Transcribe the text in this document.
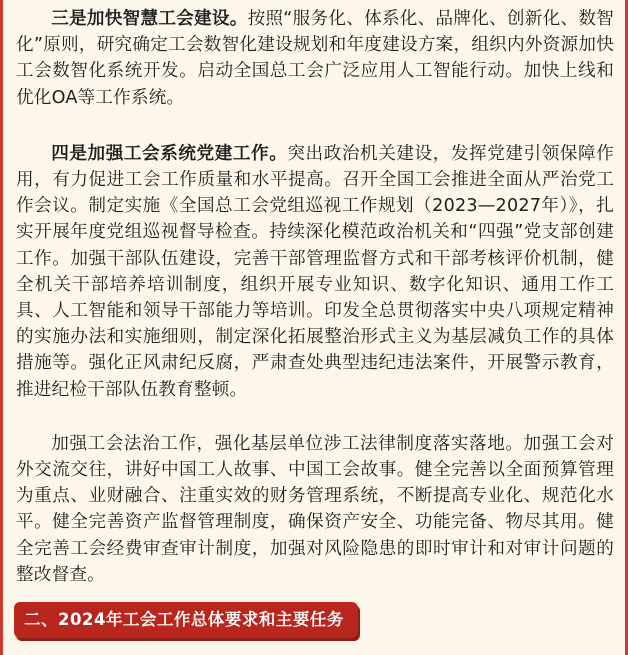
三是加快智慧工会建设。按照“服务化、体系化、品牌化、创新化、数智化”原则，研究确定工会数智化建设规划和年度建设方案，组织内外资源加快工会数智化系统开发。启动全国总工会广泛应用人工智能行动。加快上线和优化OA等工作系统。

四是加强工会系统党建工作。突出政治机关建设，发挥党建引领保障作用，有力促进工会工作质量和水平提高。召开全国工会推进全面从严治党工作会议。制定实施《全国总工会党组巡视工作规划（2023—2027年）》，扎实开展年度党组巡视督导检查。持续深化模范政治机关和“四强”党支部创建工作。加强干部队伍建设，完善干部管理监督方式和干部考核评价机制，健全机关干部培养培训制度，组织开展专业知识、数字化知识、通用工作工具、人工智能和领导干部能力等培训。印发全总贯彻落实中央八项规定精神的实施办法和实施细则，制定深化拓展整治形式主义为基层减负工作的具体措施等。强化正风肃纪反腐，严肃查处典型违纪违法案件，开展警示教育，推进纪检干部队伍教育整顿。

加强工会法治工作，强化基层单位涉工法律制度落实落地。加强工会对外交流交往，讲好中国工人故事、中国工会故事。健全完善以全面预算管理为重点、业财融合、注重实效的财务管理系统，不断提高专业化、规范化水平。健全完善资产监督管理制度，确保资产安全、功能完备、物尽其用。健全完善工会经费审查审计制度，加强对风险隐患的即时审计和对审计问题的整改督查。

二、2024年工会工作总体要求和主要任务
